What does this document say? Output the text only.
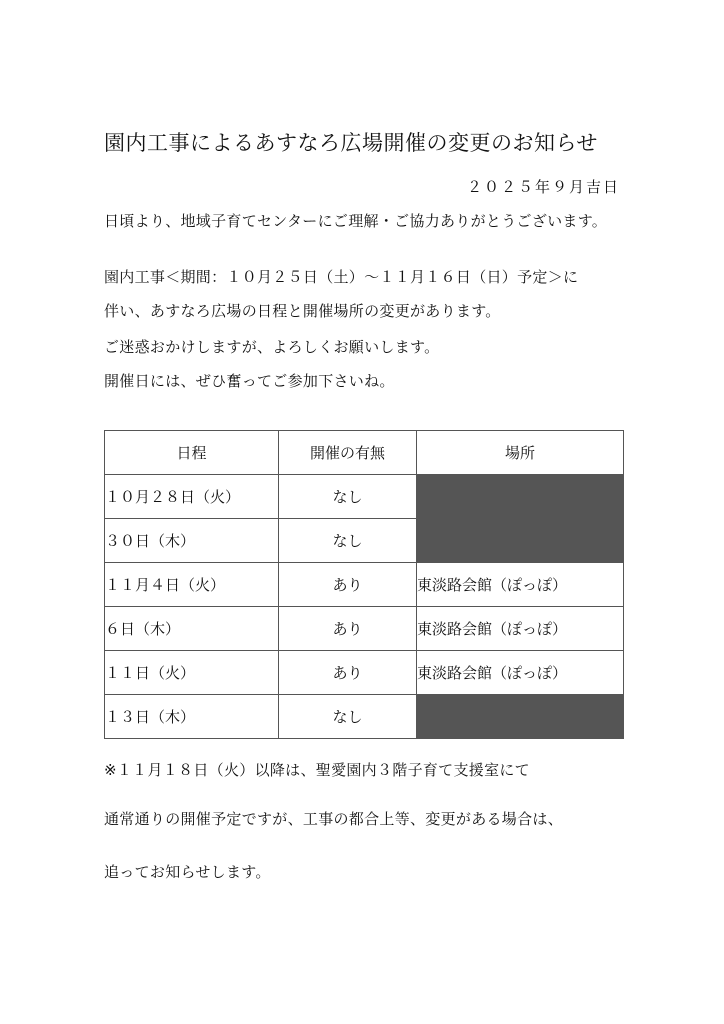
園内工事によるあすなろ広場開催の変更のお知らせ
２０２５年９月吉日
日頃より、地域子育てセンターにご理解・ご協力ありがとうございます。
園内工事＜期間：１０月２５日（土）～１１月１６日（日）予定＞に
伴い、あすなろ広場の日程と開催場所の変更があります。
ご迷惑おかけしますが、よろしくお願いします。
開催日には、ぜひ奮ってご参加下さいね。
日程	開催の有無	場所
１０月２８日（火）	なし	
３０日（木）	なし	
１１月４日（火）	あり	東淡路会館（ぽっぽ）
６日（木）	あり	東淡路会館（ぽっぽ）
１１日（火）	あり	東淡路会館（ぽっぽ）
１３日（木）	なし	
※１１月１８日（火）以降は、聖愛園内３階子育て支援室にて
通常通りの開催予定ですが、工事の都合上等、変更がある場合は、
追ってお知らせします。
